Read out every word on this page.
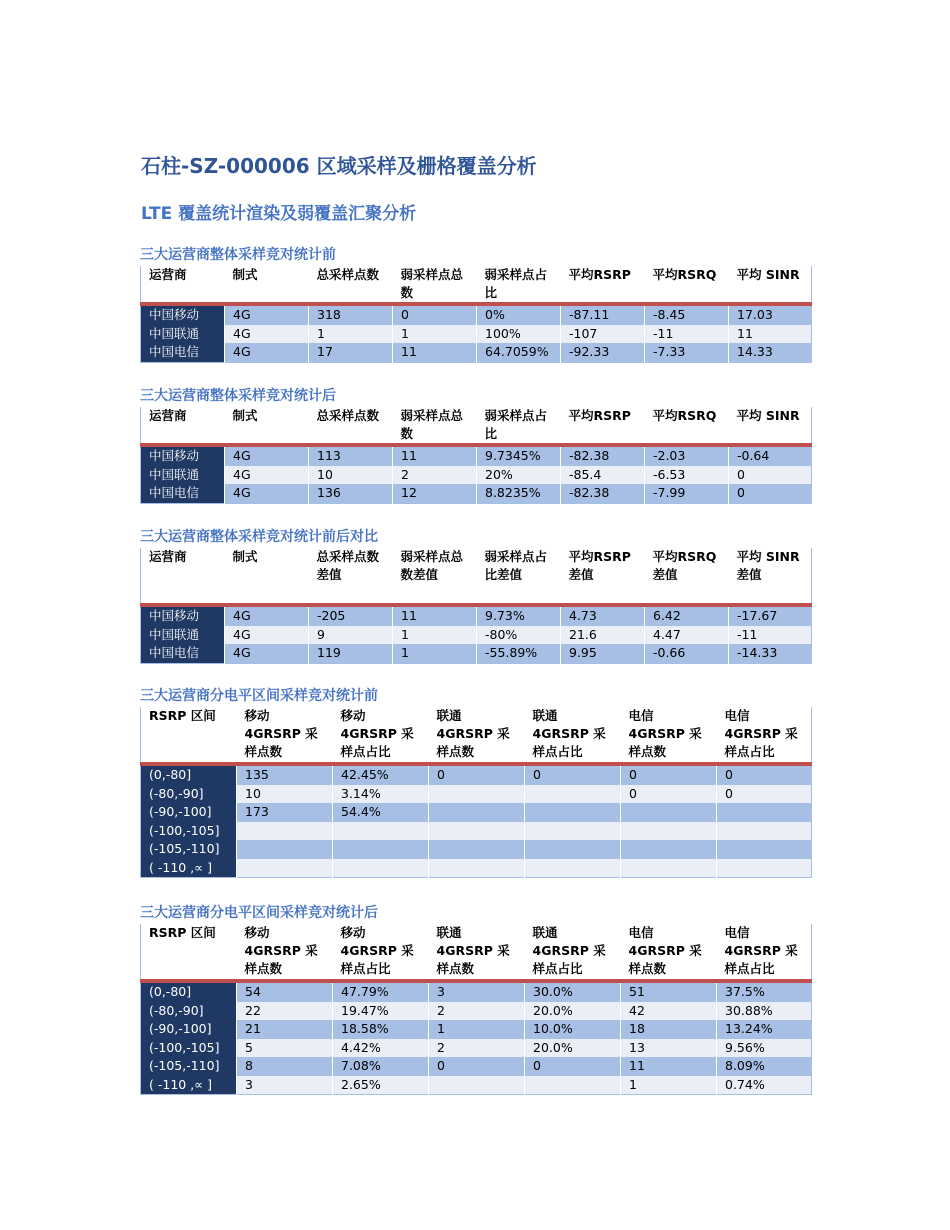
石柱-SZ-000006 区域采样及栅格覆盖分析
LTE 覆盖统计渲染及弱覆盖汇聚分析
三大运营商整体采样竞对统计前
运营商	制式	总采样点数	弱采样点总数	弱采样点占比	平均RSRP	平均RSRQ	平均 SINR
中国移动	4G	318	0	0%	-87.11	-8.45	17.03
中国联通	4G	1	1	100%	-107	-11	11
中国电信	4G	17	11	64.7059%	-92.33	-7.33	14.33
三大运营商整体采样竞对统计后
运营商	制式	总采样点数	弱采样点总数	弱采样点占比	平均RSRP	平均RSRQ	平均 SINR
中国移动	4G	113	11	9.7345%	-82.38	-2.03	-0.64
中国联通	4G	10	2	20%	-85.4	-6.53	0
中国电信	4G	136	12	8.8235%	-82.38	-7.99	0
三大运营商整体采样竞对统计前后对比
运营商	制式	总采样点数差值	弱采样点总数差值	弱采样点占比差值	平均RSRP 差值	平均RSRQ 差值	平均 SINR 差值
中国移动	4G	-205	11	9.73%	4.73	6.42	-17.67
中国联通	4G	9	1	-80%	21.6	4.47	-11
中国电信	4G	119	1	-55.89%	9.95	-0.66	-14.33
三大运营商分电平区间采样竞对统计前
RSRP 区间	移动 4GRSRP 采样点数	移动 4GRSRP 采样点占比	联通 4GRSRP 采样点数	联通 4GRSRP 采样点占比	电信 4GRSRP 采样点数	电信 4GRSRP 采样点占比
(0,-80]	135	42.45%	0	0	0	0
(-80,-90]	10	3.14%			0	0
(-90,-100]	173	54.4%				
(-100,-105]						
(-105,-110]						
( -110 ,∝ ]						
三大运营商分电平区间采样竞对统计后
RSRP 区间	移动 4GRSRP 采样点数	移动 4GRSRP 采样点占比	联通 4GRSRP 采样点数	联通 4GRSRP 采样点占比	电信 4GRSRP 采样点数	电信 4GRSRP 采样点占比
(0,-80]	54	47.79%	3	30.0%	51	37.5%
(-80,-90]	22	19.47%	2	20.0%	42	30.88%
(-90,-100]	21	18.58%	1	10.0%	18	13.24%
(-100,-105]	5	4.42%	2	20.0%	13	9.56%
(-105,-110]	8	7.08%	0	0	11	8.09%
( -110 ,∝ ]	3	2.65%			1	0.74%
